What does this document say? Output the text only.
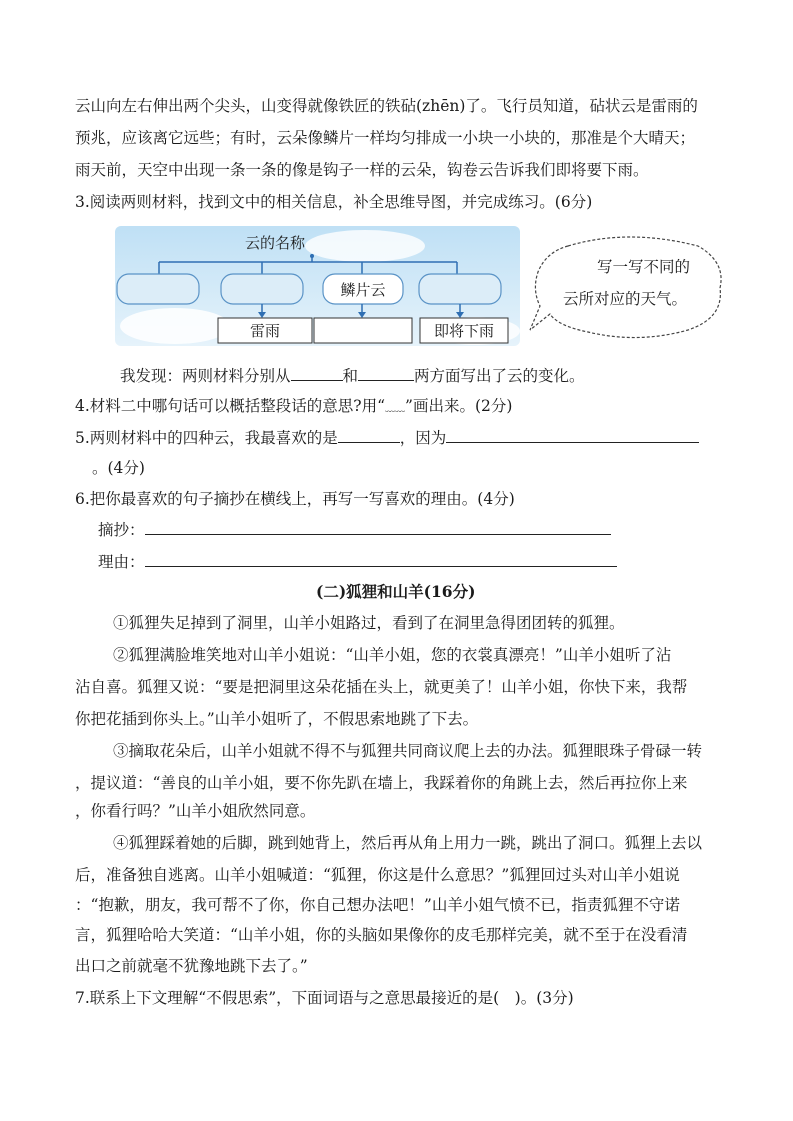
云山向左右伸出两个尖头，山变得就像铁匠的铁砧(zhēn)了。飞行员知道，砧状云是雷雨的
预兆，应该离它远些；有时，云朵像鳞片一样均匀排成一小块一小块的，那准是个大晴天；
雨天前，天空中出现一条一条的像是钩子一样的云朵，钩卷云告诉我们即将要下雨。
3.阅读两则材料，找到文中的相关信息，补全思维导图，并完成练习。(6分)
云的名称
鳞片云
雷雨	即将下雨
写一写不同的
云所对应的天气。
我发现：两则材料分别从	和	两方面写出了云的变化。
4.材料二中哪句话可以概括整段话的意思?用“﹏﹏”画出来。(2分)
5.两则材料中的四种云，我最喜欢的是	，因为
。(4分)
6.把你最喜欢的句子摘抄在横线上，再写一写喜欢的理由。(4分)
摘抄：
理由：
(二)狐狸和山羊(16分)
①狐狸失足掉到了洞里，山羊小姐路过，看到了在洞里急得团团转的狐狸。
②狐狸满脸堆笑地对山羊小姐说：“山羊小姐，您的衣裳真漂亮！”山羊小姐听了沾
沾自喜。狐狸又说：“要是把洞里这朵花插在头上，就更美了！山羊小姐，你快下来，我帮
你把花插到你头上。”山羊小姐听了，不假思索地跳了下去。
③摘取花朵后，山羊小姐就不得不与狐狸共同商议爬上去的办法。狐狸眼珠子骨碌一转
，提议道：“善良的山羊小姐，要不你先趴在墙上，我踩着你的角跳上去，然后再拉你上来
，你看行吗？”山羊小姐欣然同意。
④狐狸踩着她的后脚，跳到她背上，然后再从角上用力一跳，跳出了洞口。狐狸上去以
后，准备独自逃离。山羊小姐喊道：“狐狸，你这是什么意思？”狐狸回过头对山羊小姐说
：“抱歉，朋友，我可帮不了你，你自己想办法吧！”山羊小姐气愤不已，指责狐狸不守诺
言，狐狸哈哈大笑道：“山羊小姐，你的头脑如果像你的皮毛那样完美，就不至于在没看清
出口之前就毫不犹豫地跳下去了。”
7.联系上下文理解“不假思索”，下面词语与之意思最接近的是(　)。(3分)
